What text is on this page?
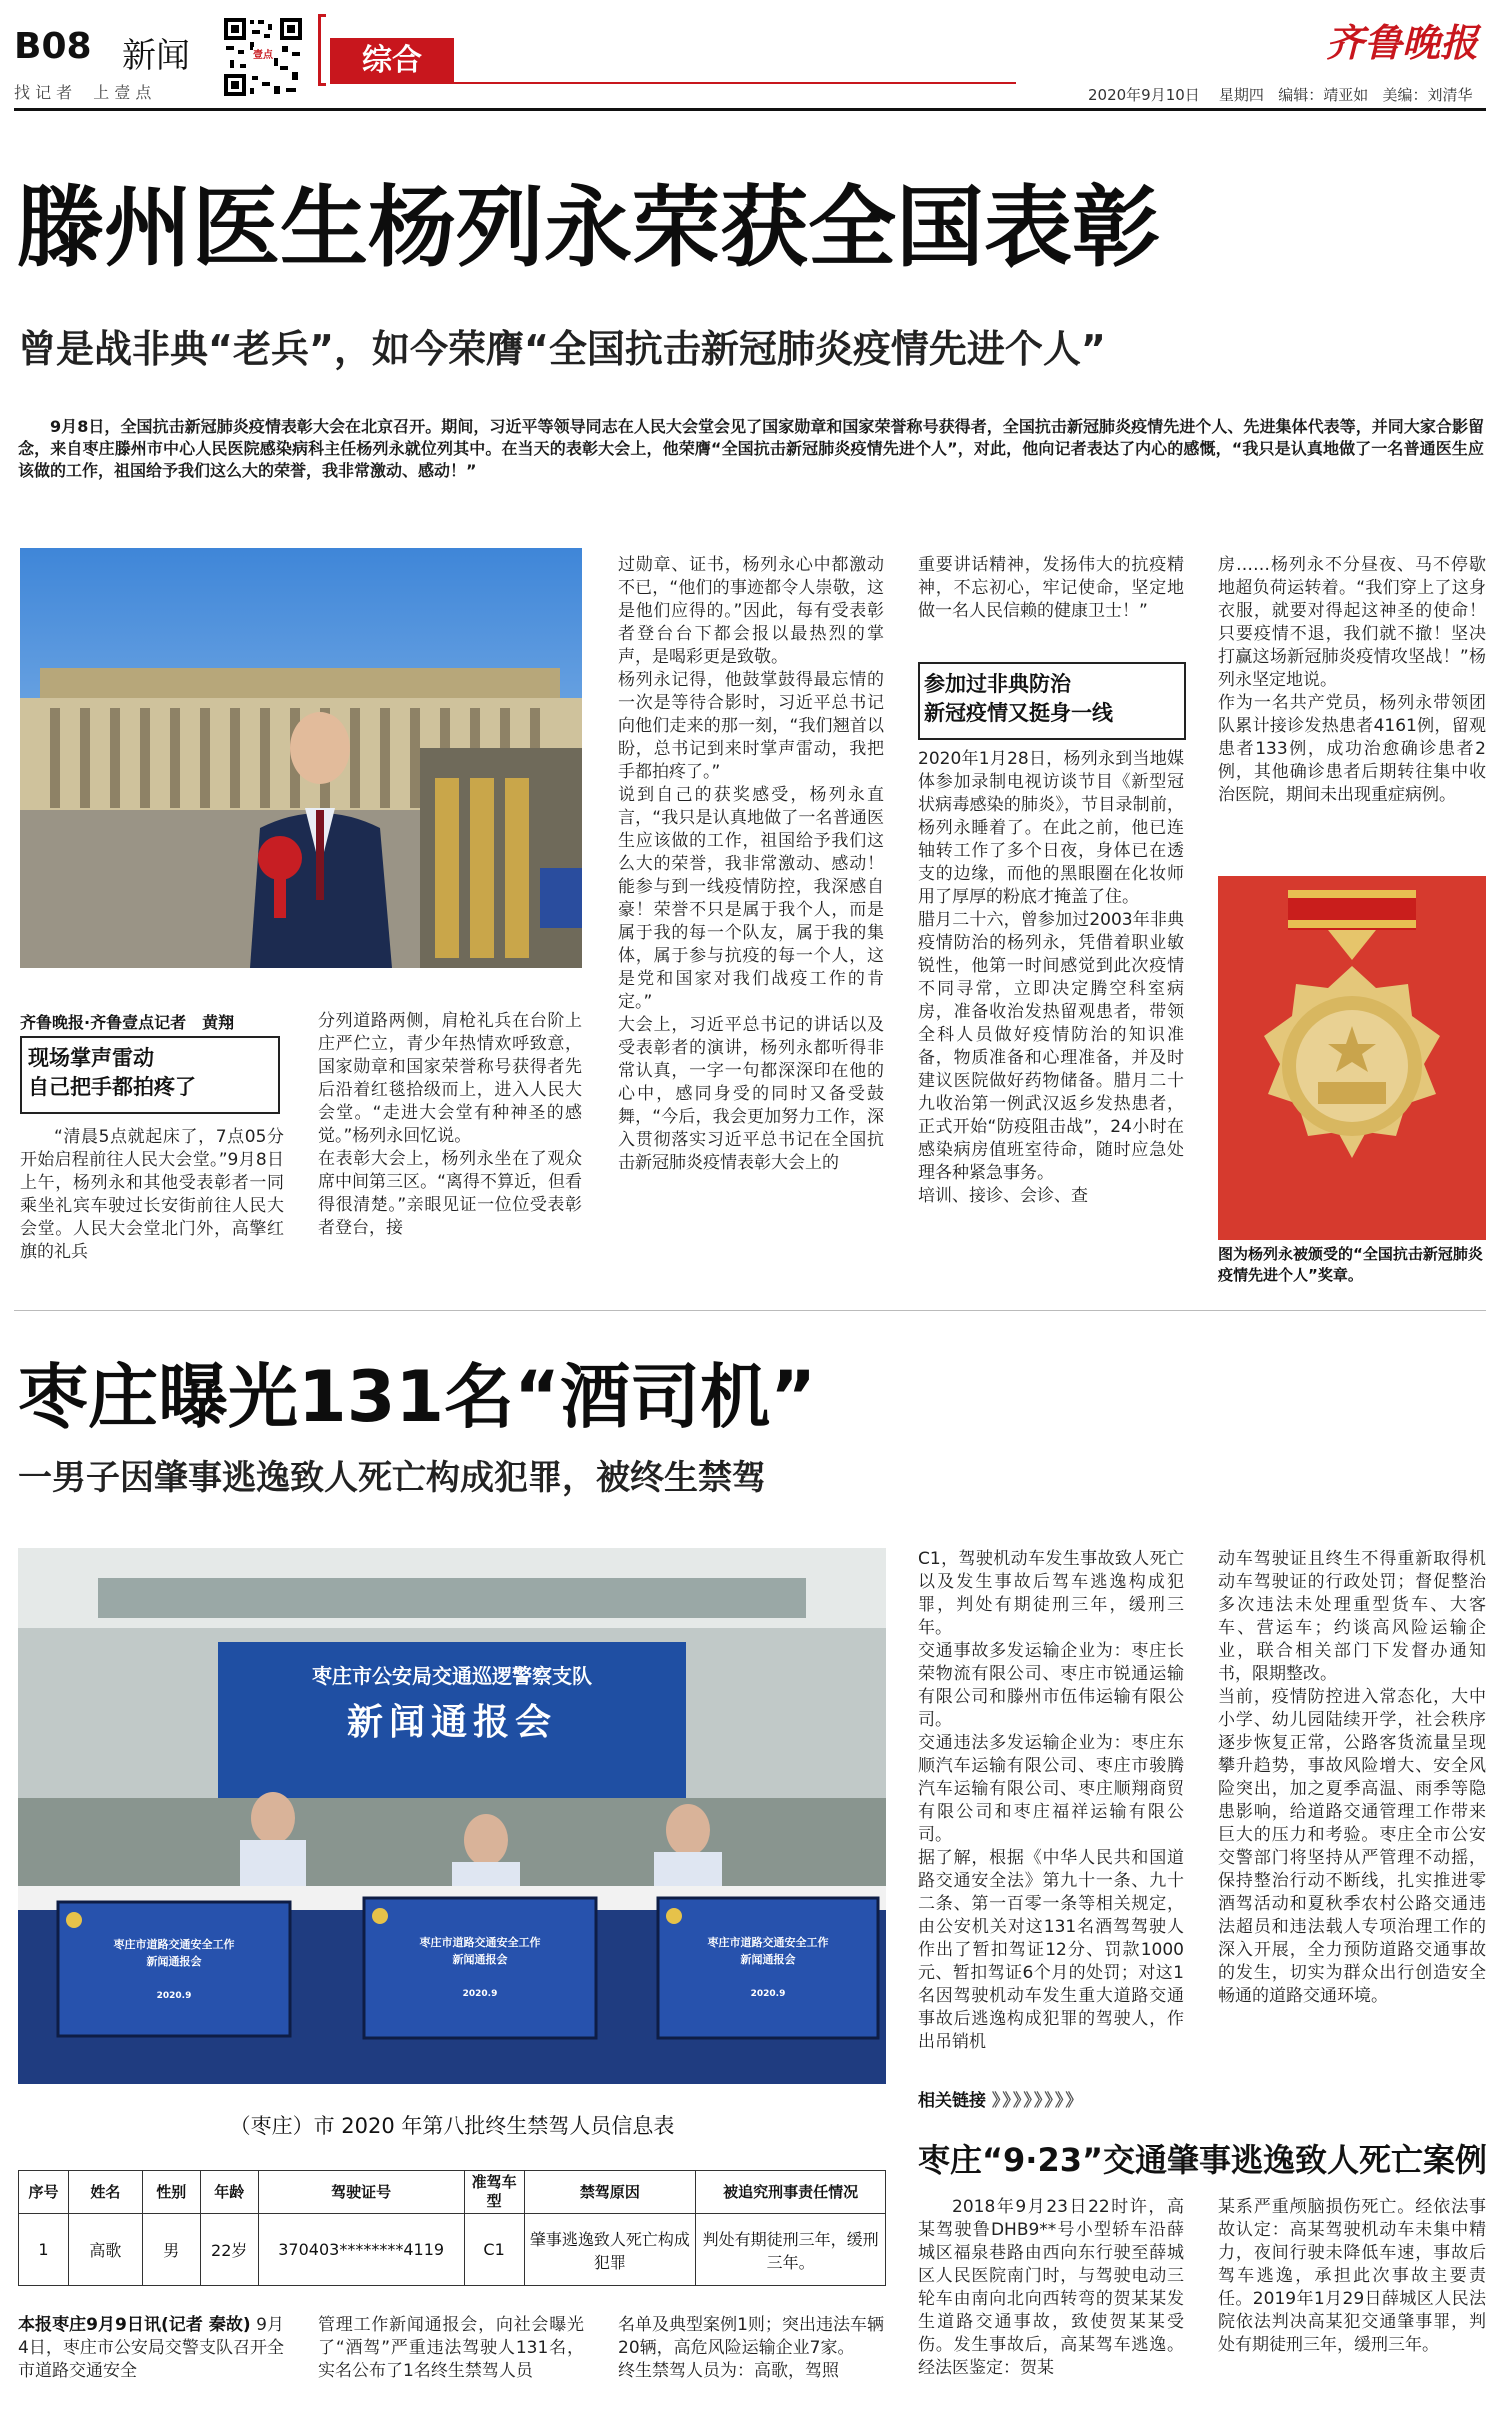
B08 新闻
找 记 者　 上 壹 点
壹点	综合	齐鲁晚报
2020年9月10日 星期四 编辑：靖亚如 美编：刘清华
滕州医生杨列永荣获全国表彰
曾是战非典“老兵”，如今荣膺“全国抗击新冠肺炎疫情先进个人”
9月8日，全国抗击新冠肺炎疫情表彰大会在北京召开。期间，习近平等领导同志在人民大会堂会见了国家勋章和国家荣誉称号获得者，全国抗击新冠肺炎疫情先进个人、先进集体代表等，并同大家合影留念，来自枣庄滕州市中心人民医院感染病科主任杨列永就位列其中。在当天的表彰大会上，他荣膺“全国抗击新冠肺炎疫情先进个人”，对此，他向记者表达了内心的感慨，“我只是认真地做了一名普通医生应该做的工作，祖国给予我们这么大的荣誉，我非常激动、感动！”
齐鲁晚报·齐鲁壹点记者　黄翔
现场掌声雷动
自己把手都拍疼了
“清晨5点就起床了，7点05分开始启程前往人民大会堂。”9月8日上午，杨列永和其他受表彰者一同乘坐礼宾车驶过长安街前往人民大会堂。人民大会堂北门外，高擎红旗的礼兵
分列道路两侧，肩枪礼兵在台阶上庄严伫立，青少年热情欢呼致意，国家勋章和国家荣誉称号获得者先后沿着红毯拾级而上，进入人民大会堂。“走进大会堂有种神圣的感觉。”杨列永回忆说。
在表彰大会上，杨列永坐在了观众席中间第三区。“离得不算近，但看得很清楚。”亲眼见证一位位受表彰者登台，接
过勋章、证书，杨列永心中都激动不已，“他们的事迹都令人崇敬，这是他们应得的。”因此，每有受表彰者登台台下都会报以最热烈的掌声，是喝彩更是致敬。
杨列永记得，他鼓掌鼓得最忘情的一次是等待合影时，习近平总书记向他们走来的那一刻，“我们翘首以盼，总书记到来时掌声雷动，我把手都拍疼了。”
说到自己的获奖感受，杨列永直言，“我只是认真地做了一名普通医生应该做的工作，祖国给予我们这么大的荣誉，我非常激动、感动！能参与到一线疫情防控，我深感自豪！荣誉不只是属于我个人，而是属于我的每一个队友，属于我的集体，属于参与抗疫的每一个人，这是党和国家对我们战疫工作的肯定。”
大会上，习近平总书记的讲话以及受表彰者的演讲，杨列永都听得非常认真，一字一句都深深印在他的心中，感同身受的同时又备受鼓舞，“今后，我会更加努力工作，深入贯彻落实习近平总书记在全国抗击新冠肺炎疫情表彰大会上的
重要讲话精神，发扬伟大的抗疫精神，不忘初心，牢记使命，坚定地做一名人民信赖的健康卫士！”
参加过非典防治
新冠疫情又挺身一线
2020年1月28日，杨列永到当地媒体参加录制电视访谈节目《新型冠状病毒感染的肺炎》，节目录制前，杨列永睡着了。在此之前，他已连轴转工作了多个日夜，身体已在透支的边缘，而他的黑眼圈在化妆师用了厚厚的粉底才掩盖了住。
腊月二十六，曾参加过2003年非典疫情防治的杨列永，凭借着职业敏锐性，他第一时间感觉到此次疫情不同寻常，立即决定腾空科室病房，准备收治发热留观患者，带领全科人员做好疫情防治的知识准备，物质准备和心理准备，并及时建议医院做好药物储备。腊月二十九收治第一例武汉返乡发热患者，正式开始“防疫阻击战”，24小时在感染病房值班室待命，随时应急处理各种紧急事务。
培训、接诊、会诊、查
房……杨列永不分昼夜、马不停歇地超负荷运转着。“我们穿上了这身衣服，就要对得起这神圣的使命！只要疫情不退，我们就不撤！坚决打赢这场新冠肺炎疫情攻坚战！”杨列永坚定地说。
作为一名共产党员，杨列永带领团队累计接诊发热患者4161例，留观患者133例，成功治愈确诊患者2例，其他确诊患者后期转往集中收治医院，期间未出现重症病例。
图为杨列永被颁受的“全国抗击新冠肺炎疫情先进个人”奖章。
枣庄曝光131名“酒司机”
一男子因肇事逃逸致人死亡构成犯罪，被终生禁驾
枣庄市公安局交通巡逻警察支队
新闻通报会
枣庄市道路交通安全工作
新闻通报会
2020.9
枣庄市道路交通安全工作
新闻通报会
2020.9
枣庄市道路交通安全工作
新闻通报会
2020.9
（枣庄）市 2020 年第八批终生禁驾人员信息表
序号	姓名	性别	年龄	驾驶证号	准驾车型	禁驾原因	被追究刑事责任情况
1	高歌	男	22岁	370403********4119	C1	肇事逃逸致人死亡构成犯罪	判处有期徒刑三年，缓刑三年。
本报枣庄9月9日讯(记者 秦故) 9月4日，枣庄市公安局交警支队召开全市道路交通安全
管理工作新闻通报会，向社会曝光了“酒驾”严重违法驾驶人131名，实名公布了1名终生禁驾人员
名单及典型案例1则；突出违法车辆20辆，高危风险运输企业7家。
终生禁驾人员为：高歌，驾照
C1，驾驶机动车发生事故致人死亡以及发生事故后驾车逃逸构成犯罪，判处有期徒刑三年，缓刑三年。
交通事故多发运输企业为：枣庄长荣物流有限公司、枣庄市锐通运输有限公司和滕州市伍伟运输有限公司。
交通违法多发运输企业为：枣庄东顺汽车运输有限公司、枣庄市骏腾汽车运输有限公司、枣庄顺翔商贸有限公司和枣庄福祥运输有限公司。
据了解，根据《中华人民共和国道路交通安全法》第九十一条、九十二条、第一百零一条等相关规定，由公安机关对这131名酒驾驾驶人作出了暂扣驾证12分、罚款1000元、暂扣驾证6个月的处罚；对这1名因驾驶机动车发生重大道路交通事故后逃逸构成犯罪的驾驶人，作出吊销机
动车驾驶证且终生不得重新取得机动车驾驶证的行政处罚；督促整治多次违法未处理重型货车、大客车、营运车；约谈高风险运输企业，联合相关部门下发督办通知书，限期整改。
当前，疫情防控进入常态化，大中小学、幼儿园陆续开学，社会秩序逐步恢复正常，公路客货流量呈现攀升趋势，事故风险增大、安全风险突出，加之夏季高温、雨季等隐患影响，给道路交通管理工作带来巨大的压力和考验。枣庄全市公安交警部门将坚持从严管理不动摇，保持整治行动不断线，扎实推进零酒驾活动和夏秋季农村公路交通违法超员和违法载人专项治理工作的深入开展，全力预防道路交通事故的发生，切实为群众出行创造安全畅通的道路交通环境。
相关链接 》》》》》》》》
枣庄“9·23”交通肇事逃逸致人死亡案例
2018年9月23日22时许，高某驾驶鲁DHB9**号小型轿车沿薛城区福泉巷路由西向东行驶至薛城区人民医院南门时，与驾驶电动三轮车由南向北向西转弯的贺某某发生道路交通事故，致使贺某某受伤。发生事故后，高某驾车逃逸。经法医鉴定：贺某
某系严重颅脑损伤死亡。经依法事故认定：高某驾驶机动车未集中精力，夜间行驶未降低车速，事故后驾车逃逸，承担此次事故主要责任。2019年1月29日薛城区人民法院依法判决高某犯交通肇事罪，判处有期徒刑三年，缓刑三年。
